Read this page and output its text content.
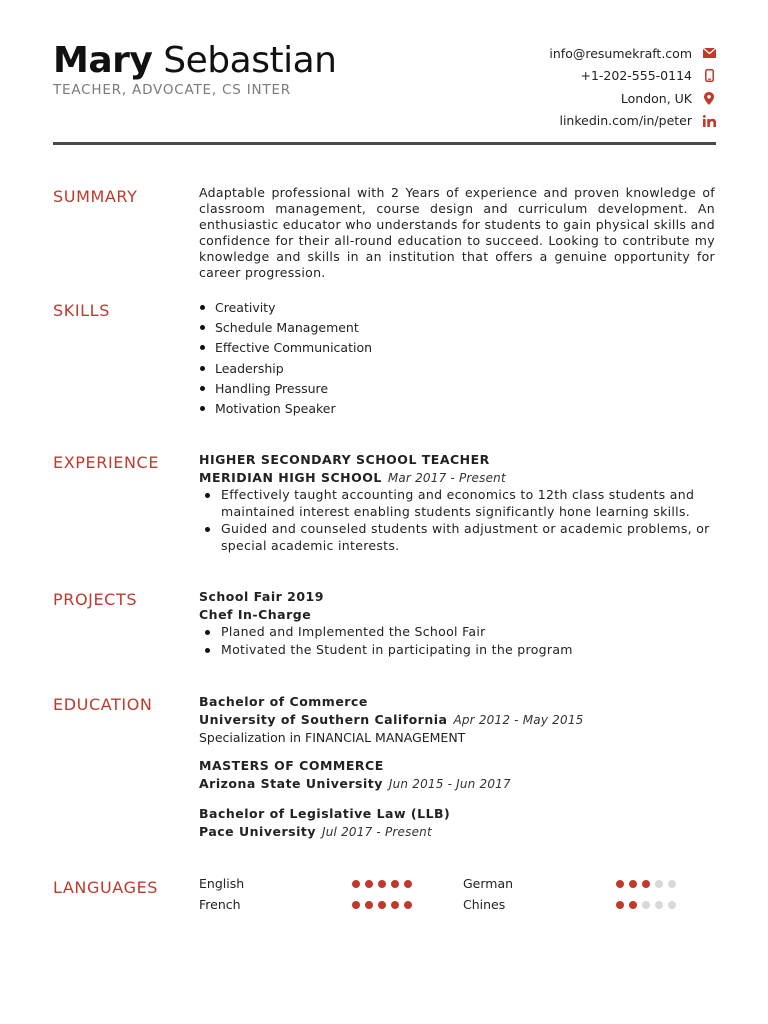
Mary Sebastian
TEACHER, ADVOCATE, CS INTER
info@resumekraft.com
+1-202-555-0114
London, UK
linkedin.com/in/peter
SUMMARY	Adaptable professional with 2 Years of experience and proven knowledge of classroom management, course design and curriculum development. An enthusiastic educator who understands for students to gain physical skills and confidence for their all-round education to succeed. Looking to contribute my knowledge and skills in an institution that offers a genuine opportunity for career progression.
SKILLS	Creativity
Schedule Management
Effective Communication
Leadership
Handling Pressure
Motivation Speaker
EXPERIENCE	HIGHER SECONDARY SCHOOL TEACHER
MERIDIAN HIGH SCHOOL Mar 2017 - Present
Effectively taught accounting and economics to 12th class students and maintained interest enabling students significantly hone learning skills.
Guided and counseled students with adjustment or academic problems, or special academic interests.
PROJECTS	School Fair 2019
Chef In-Charge
Planed and Implemented the School Fair
Motivated the Student in participating in the program
EDUCATION	Bachelor of Commerce
University of Southern California Apr 2012 - May 2015
Specialization in FINANCIAL MANAGEMENT
MASTERS OF COMMERCE
Arizona State University Jun 2015 - Jun 2017
Bachelor of Legislative Law (LLB)
Pace University Jul 2017 - Present
LANGUAGES	English	German
French	Chines
